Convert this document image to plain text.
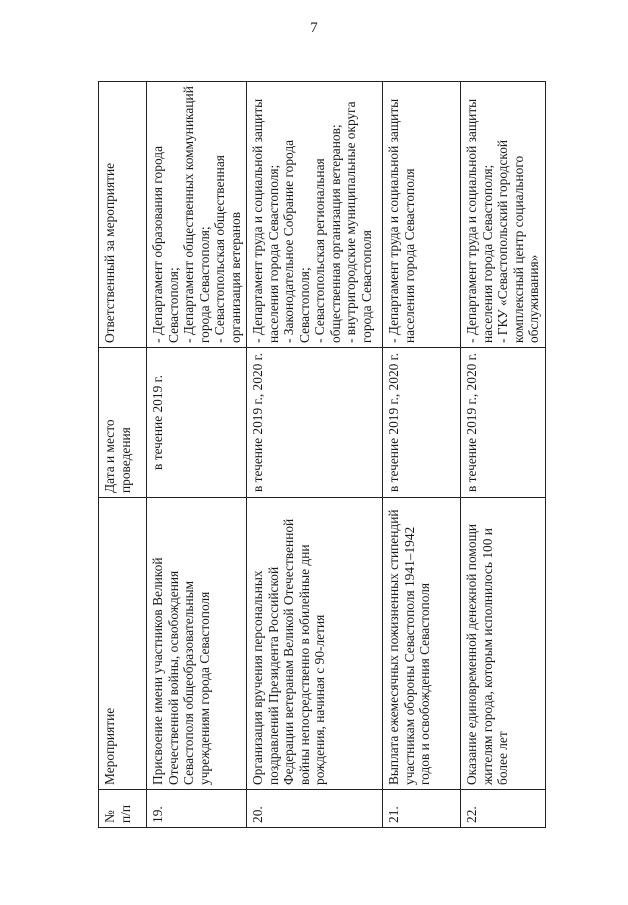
7
№ п/п	Мероприятие	Дата и место проведения	Ответственный за мероприятие
19.	Присвоение имени участников Великой Отечественной войны, освобождения Севастополя общеобразовательным учреждениям города Севастополя	в течение 2019 г.	- Департамент образования города Севастополя; - Департамент общественных коммуникаций города Севастополя; - Севастопольская общественная организация ветеранов

20.	Организация вручения персональных поздравлений Президента Российской Федерации ветеранам Великой Отечественной войны непосредственно в юбилейные дни рождения, начиная с 90-летия	в течение 2019 г., 2020 г.	- Департамент труда и социальной защиты населения города Севастополя; - Законодательное Собрание города Севастополя; - Севастопольская региональная общественная организация ветеранов; - внутригородские муниципальные округа города Севастополя

21.	Выплата ежемесячных пожизненных стипендий участникам обороны Севастополя 1941–1942 годов и освобождения Севастополя	в течение 2019 г., 2020 г.	- Департамент труда и социальной защиты населения города Севастополя

22.	Оказание единовременной денежной помощи жителям города, которым исполнилось 100 и более лет	в течение 2019 г., 2020 г.	- Департамент труда и социальной защиты населения города Севастополя; - ГКУ «Севастопольский городской комплексный центр социального обслуживания»
